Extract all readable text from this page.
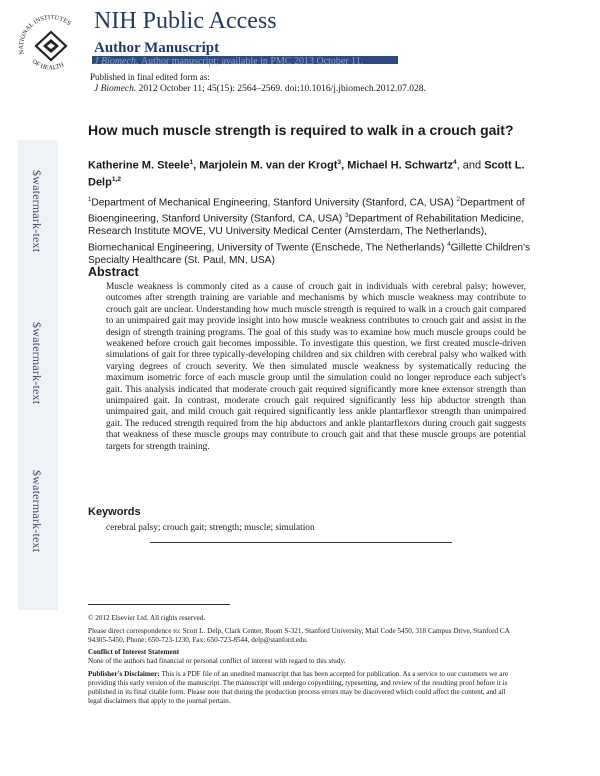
$watermark-text
$watermark-text
$watermark-text
NATIONAL INSTITUTES
OF HEALTH
NIH Public Access
Author Manuscript
J Biomech. Author manuscript; available in PMC 2013 October 11.
Published in final edited form as:
J Biomech. 2012 October 11; 45(15): 2564–2569. doi:10.1016/j.jbiomech.2012.07.028.
How much muscle strength is required to walk in a crouch gait?
Katherine M. Steele$^1$, Marjolein M. van der Krogt$^3$, Michael H. Schwartz$^4$, and Scott L. Delp$^{1,2}$
$^1$Department of Mechanical Engineering, Stanford University (Stanford, CA, USA) $^2$Department of Bioengineering, Stanford University (Stanford, CA, USA) $^3$Department of Rehabilitation Medicine, Research Institute MOVE, VU University Medical Center (Amsterdam, The Netherlands), Biomechanical Engineering, University of Twente (Enschede, The Netherlands) $^4$Gillette Children's Specialty Healthcare (St. Paul, MN, USA)
Abstract
Muscle weakness is commonly cited as a cause of crouch gait in individuals with cerebral palsy; however, outcomes after strength training are variable and mechanisms by which muscle weakness may contribute to crouch gait are unclear. Understanding how much muscle strength is required to walk in a crouch gait compared to an unimpaired gait may provide insight into how muscle weakness contributes to crouch gait and assist in the design of strength training programs. The goal of this study was to examine how much muscle groups could be weakened before crouch gait becomes impossible. To investigate this question, we first created muscle-driven simulations of gait for three typically-developing children and six children with cerebral palsy who walked with varying degrees of crouch severity. We then simulated muscle weakness by systematically reducing the maximum isometric force of each muscle group until the simulation could no longer reproduce each subject's gait. This analysis indicated that moderate crouch gait required significantly more knee extensor strength than unimpaired gait. In contrast, moderate crouch gait required significantly less hip abductor strength than unimpaired gait, and mild crouch gait required significantly less ankle plantarflexor strength than unimpaired gait. The reduced strength required from the hip abductors and ankle plantarflexors during crouch gait suggests that weakness of these muscle groups may contribute to crouch gait and that these muscle groups are potential targets for strength training.
Keywords
cerebral palsy; crouch gait; strength; muscle; simulation
© 2012 Elsevier Ltd. All rights reserved.
Please direct correspondence to: Scott L. Delp, Clark Center, Room S-321, Stanford University, Mail Code 5450, 318 Campus Drive, Stanford CA 94305-5450, Phone: 650-723-1230, Fax: 650-723-8544, delp@stanford.edu.
Conflict of Interest Statement
None of the authors had financial or personal conflict of interest with regard to this study.
Publisher's Disclaimer: This is a PDF file of an unedited manuscript that has been accepted for publication. As a service to our customers we are providing this early version of the manuscript. The manuscript will undergo copyediting, typesetting, and review of the resulting proof before it is published in its final citable form. Please note that during the production process errors may be discovered which could affect the content, and all legal disclaimers that apply to the journal pertain.
